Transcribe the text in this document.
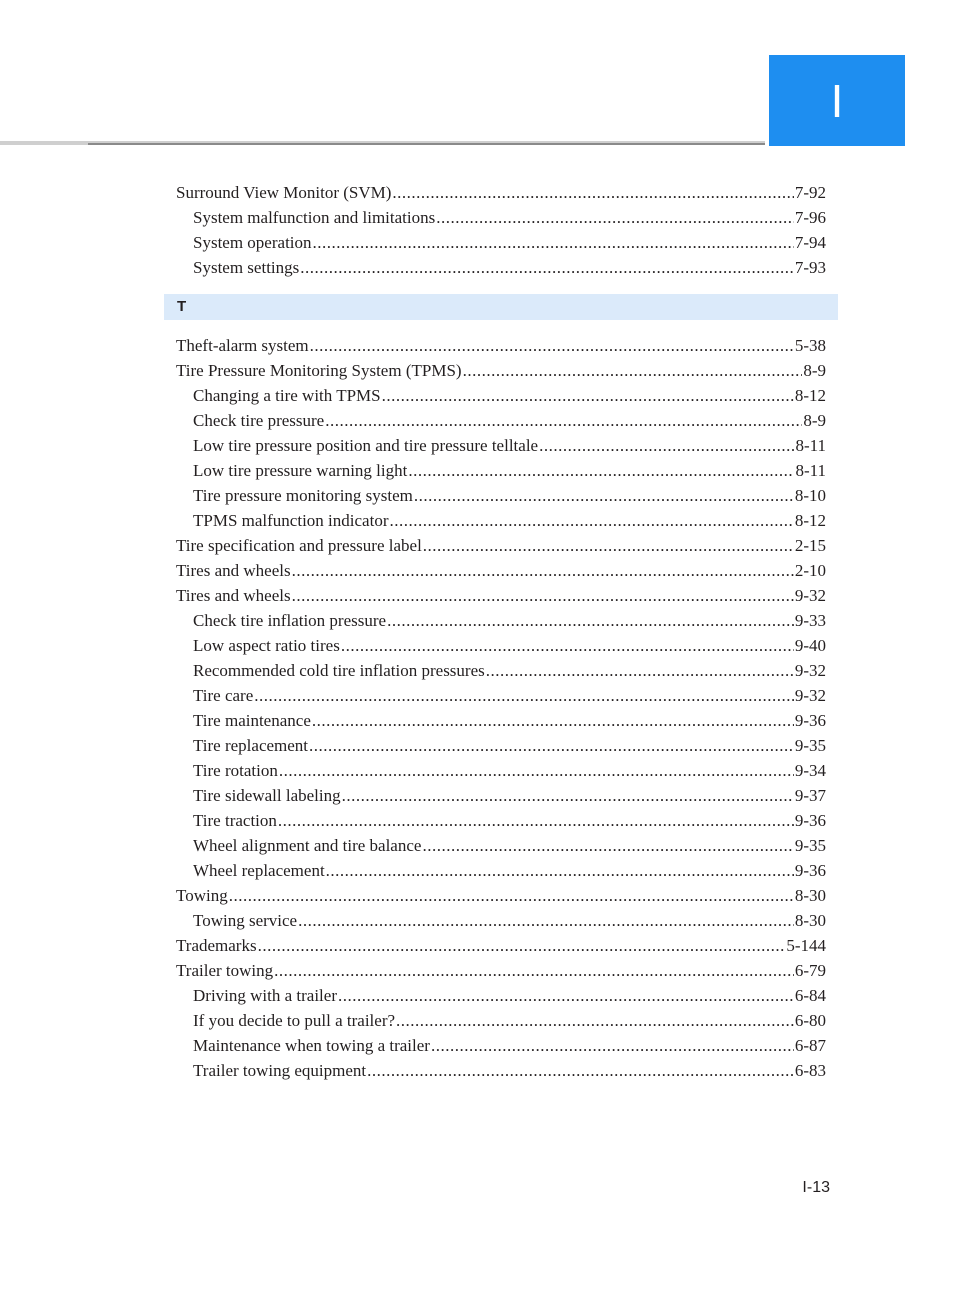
I
Surround View Monitor (SVM) .....	7-92
System malfunction and limitations .....	7-96
System operation .....	7-94
System settings .....	7-93
T
Theft-alarm system .....	5-38
Tire Pressure Monitoring System (TPMS) .....	8-9
Changing a tire with TPMS .....	8-12
Check tire pressure .....	8-9
Low tire pressure position and tire pressure telltale .....	8-11
Low tire pressure warning light .....	8-11
Tire pressure monitoring system .....	8-10
TPMS malfunction indicator .....	8-12
Tire specification and pressure label .....	2-15
Tires and wheels .....	2-10
Tires and wheels .....	9-32
Check tire inflation pressure .....	9-33
Low aspect ratio tires .....	9-40
Recommended cold tire inflation pressures .....	9-32
Tire care .....	9-32
Tire maintenance .....	9-36
Tire replacement .....	9-35
Tire rotation .....	9-34
Tire sidewall labeling .....	9-37
Tire traction .....	9-36
Wheel alignment and tire balance .....	9-35
Wheel replacement .....	9-36
Towing .....	8-30
Towing service .....	8-30
Trademarks .....	5-144
Trailer towing .....	6-79
Driving with a trailer .....	6-84
If you decide to pull a trailer? .....	6-80
Maintenance when towing a trailer .....	6-87
Trailer towing equipment .....	6-83
I-13
